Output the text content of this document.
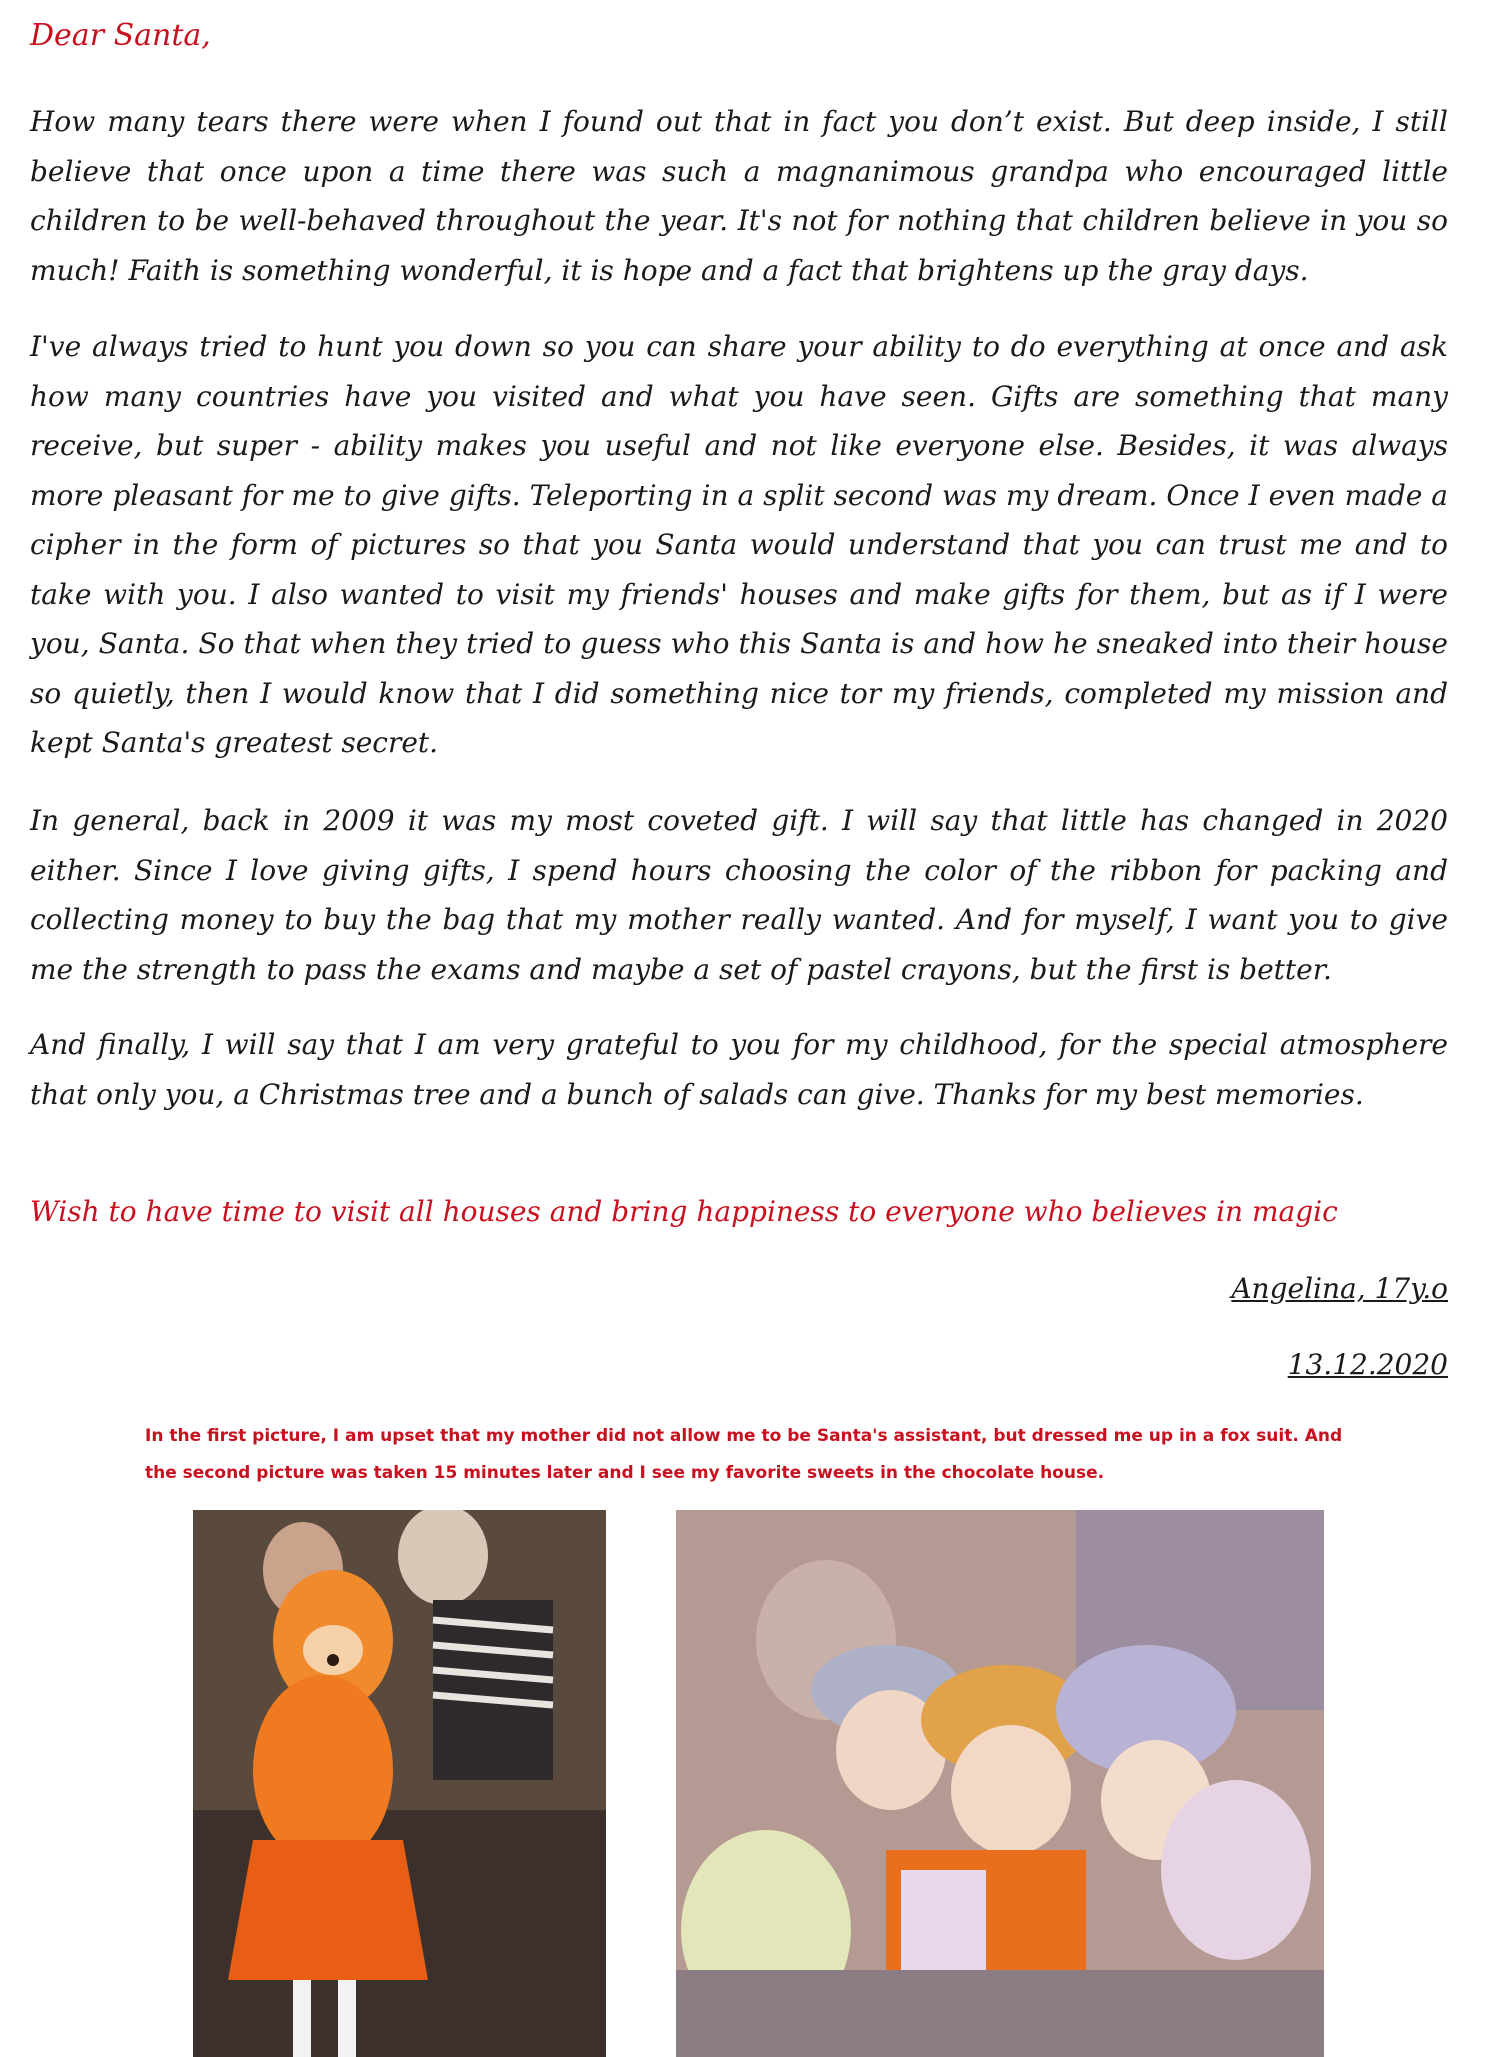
Dear Santa,

How many tears there were when I found out that in fact you don’t exist. But deep inside, I still believe that once upon a time there was such a magnanimous grandpa who encouraged little children to be well-behaved throughout the year. It's not for nothing that children believe in you so much! Faith is something wonderful, it is hope and a fact that brightens up the gray days.

I've always tried to hunt you down so you can share your ability to do everything at once and ask how many countries have you visited and what you have seen. Gifts are something that many receive, but super - ability makes you useful and not like everyone else. Besides, it was always more pleasant for me to give gifts. Teleporting in a split second was my dream. Once I even made a cipher in the form of pictures so that you Santa would understand that you can trust me and to take with you. I also wanted to visit my friends' houses and make gifts for them, but as if I were you, Santa. So that when they tried to guess who this Santa is and how he sneaked into their house so quietly, then I would know that I did something nice tor my friends, completed my mission and kept Santa's greatest secret.

In general, back in 2009 it was my most coveted gift. I will say that little has changed in 2020 either. Since I love giving gifts, I spend hours choosing the color of the ribbon for packing and collecting money to buy the bag that my mother really wanted. And for myself, I want you to give me the strength to pass the exams and maybe a set of pastel crayons, but the first is better.

And finally, I will say that I am very grateful to you for my childhood, for the special atmosphere that only you, a Christmas tree and a bunch of salads can give. Thanks for my best memories.

Wish to have time to visit all houses and bring happiness to everyone who believes in magic

Angelina, 17y.o

13.12.2020

In the first picture, I am upset that my mother did not allow me to be Santa's assistant, but dressed me up in a fox suit. And the second picture was taken 15 minutes later and I see my favorite sweets in the chocolate house.
